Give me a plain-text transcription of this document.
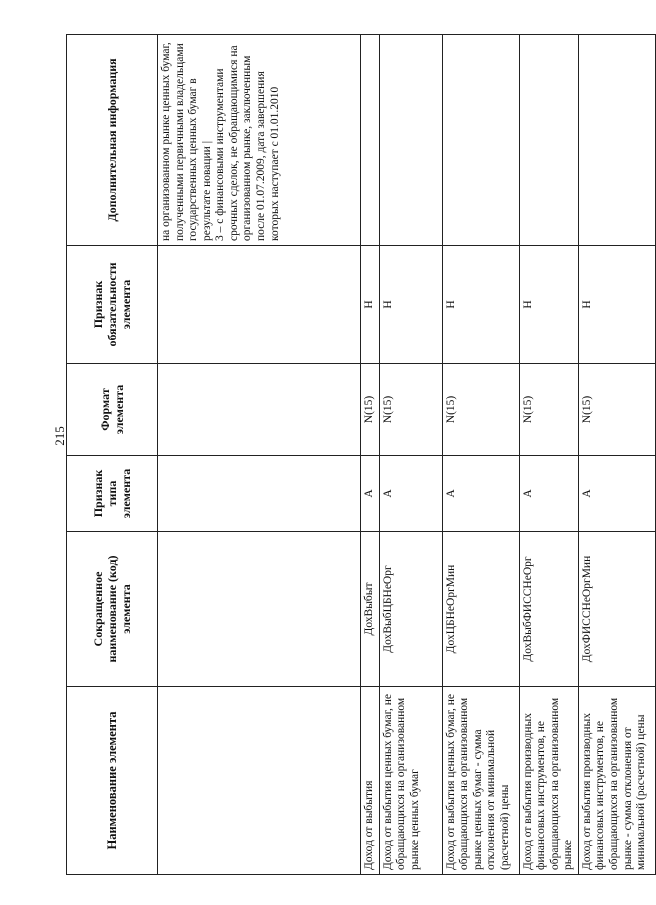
215
Наименование элемента	Сокращенное наименование (код) элемента	Признак типа элемента	Формат элемента	Признак обязательности элемента	Дополнительная информация
					на организованном рынке ценных бумаг, полученными первичными владельцами государственных ценных бумаг в результате новации |
3 – с финансовыми инструментами срочных сделок, не обращающимися на организованном рынке, заключенным после 01.07.2009, дата завершения которых наступает с 01.01.2010
Доход от выбытия	ДохВыбыт	А	N(15)	Н	
Доход от выбытия ценных бумаг, не обращающихся на организованном рынке ценных бумаг	ДохВыбЦБНеОрг	А	N(15)	Н	
Доход от выбытия ценных бумаг, не обращающихся на организованном рынке ценных бумаг - сумма отклонения от минимальной (расчетной) цены	ДохЦБНеОргМин	А	N(15)	Н	
Доход от выбытия производных финансовых инструментов, не обращающихся на организованном рынке	ДохВыбФИССНеОрг	А	N(15)	Н	
Доход от выбытия производных финансовых инструментов, не обращающихся на организованном рынке - сумма отклонения от минимальной (расчетной) цены	ДохФИССНеОргМин	А	N(15)	Н	
